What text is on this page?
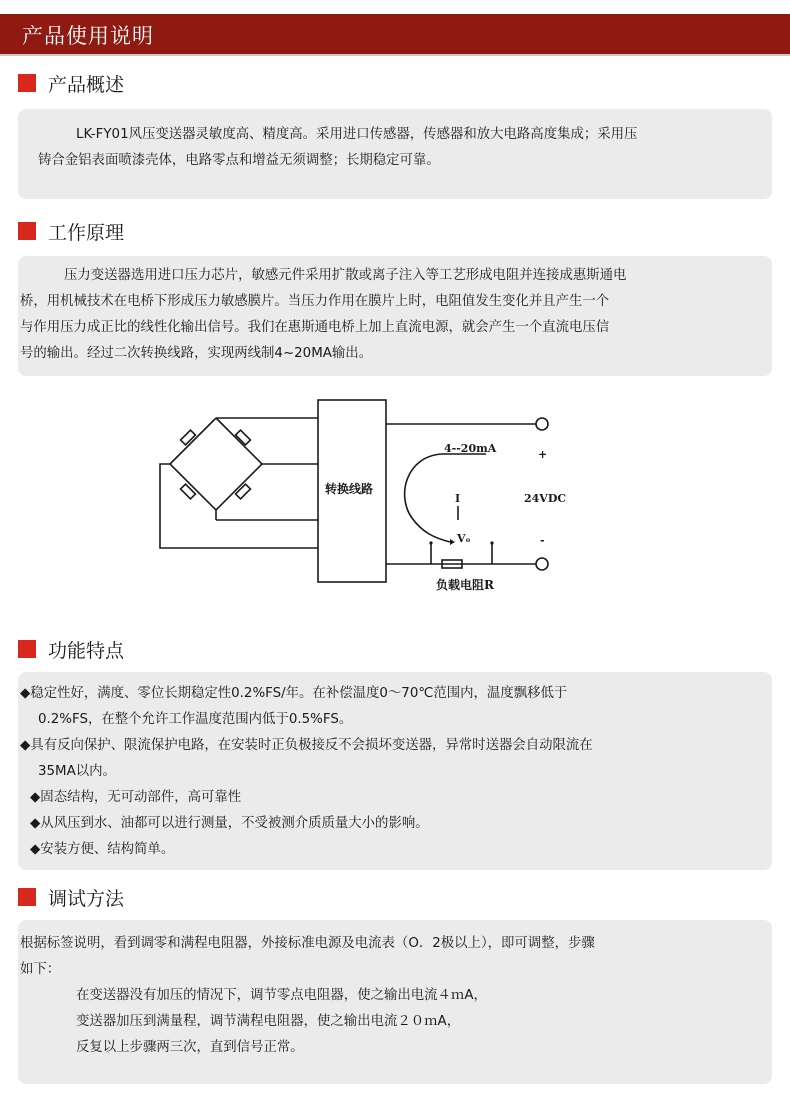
产品使用说明
产品概述

LK-FY01风压变送器灵敏度高、精度高。采用进口传感器，传感器和放大电路高度集成；采用压

铸合金铝表面喷漆壳体，电路零点和增益无须调整；长期稳定可靠。

工作原理

压力变送器选用进口压力芯片，敏感元件采用扩散或离子注入等工艺形成电阻并连接成惠斯通电

桥，用机械技术在电桥下形成压力敏感膜片。当压力作用在膜片上时，电阻值发生变化并且产生一个

与作用压力成正比的线性化输出信号。我们在惠斯通电桥上加上直流电源，就会产生一个直流电压信

号的输出。经过二次转换线路，实现两线制4~20MA输出。

转换线路
4--20mA	+
24VDC
-
I
Vₒ
负载电阻R
功能特点

◆稳定性好，满度、零位长期稳定性0.2%FS/年。在补偿温度0～70℃范围内，温度飘移低于

0.2%FS，在整个允许工作温度范围内低于0.5%FS。

◆具有反向保护、限流保护电路，在安装时正负极接反不会损坏变送器，异常时送器会自动限流在

35MA以内。

◆固态结构，无可动部件，高可靠性

◆从风压到水、油都可以进行测量，不受被测介质质量大小的影响。

◆安装方便、结构简单。

调试方法

根据标签说明，看到调零和满程电阻器，外接标准电源及电流表（O．2极以上），即可调整，步骤

如下：

在变送器没有加压的情况下，调节零点电阻器，使之输出电流４ｍA，

变送器加压到满量程，调节满程电阻器，使之输出电流２０ｍA，

反复以上步骤两三次，直到信号正常。
